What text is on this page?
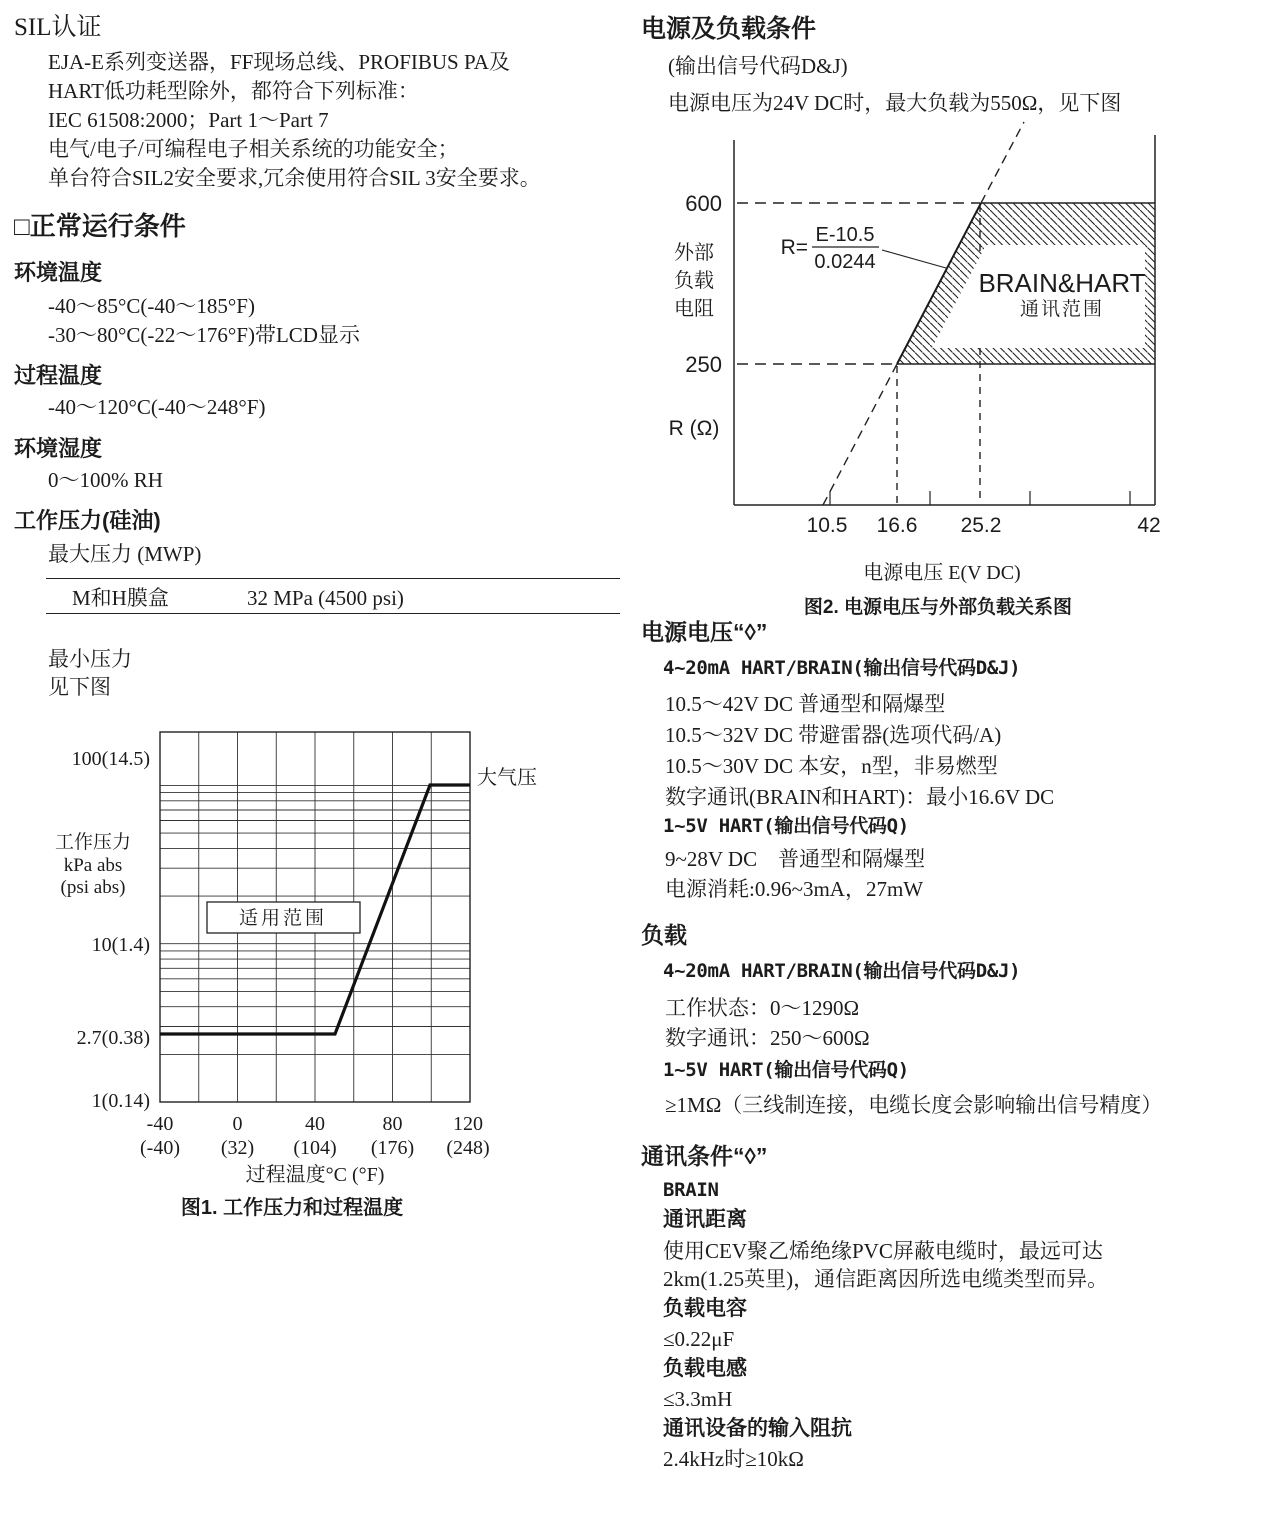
SIL认证
EJA-E系列变送器，FF现场总线、PROFIBUS PA及
HART低功耗型除外，都符合下列标准：
IEC 61508:2000；Part 1～Part 7
电气/电子/可编程电子相关系统的功能安全；
单台符合SIL2安全要求,冗余使用符合SIL 3安全要求。
□正常运行条件
环境温度
-40～85°C(-40～185°F)
-30～80°C(-22～176°F)带LCD显示
过程温度
-40～120°C(-40～248°F)
环境湿度
0～100% RH
工作压力(硅油)
最大压力 (MWP)
M和H膜盒	32 MPa (4500 psi)
最小压力
见下图
适用范围
大气压
100(14.5)
10(1.4)
2.7(0.38)
1(0.14)
工作压力
kPa abs
(psi abs)
-40	0	40	80	120
(-40) (32) (104) (176) (248)
过程温度°C (°F)
图1. 工作压力和过程温度
电源及负载条件
(输出信号代码D&J)
电源电压为24V DC时，最大负载为550Ω，见下图
BRAIN&HART
通讯范围
R=
E-10.5
0.0244
600
250
外部
负载
电阻
R (Ω)
10.5 16.6 25.2	42
电源电压 E(V DC)
图2. 电源电压与外部负载关系图
电源电压“◊”
4~20mA HART/BRAIN(输出信号代码D&J)
10.5～42V DC 普通型和隔爆型
10.5～32V DC 带避雷器(选项代码/A)
10.5～30V DC 本安，n型，非易燃型
数字通讯(BRAIN和HART)：最小16.6V DC
1~5V HART(输出信号代码Q)
9~28V DC　普通型和隔爆型
电源消耗:0.96~3mA，27mW
负载
4~20mA HART/BRAIN(输出信号代码D&J)
工作状态：0～1290Ω
数字通讯：250～600Ω
1~5V HART(输出信号代码Q)
≥1MΩ（三线制连接，电缆长度会影响输出信号精度）
通讯条件“◊”
BRAIN
通讯距离
使用CEV聚乙烯绝缘PVC屏蔽电缆时，最远可达
2km(1.25英里)，通信距离因所选电缆类型而异。
负载电容
≤0.22μF
负载电感
≤3.3mH
通讯设备的输入阻抗
2.4kHz时≥10kΩ
